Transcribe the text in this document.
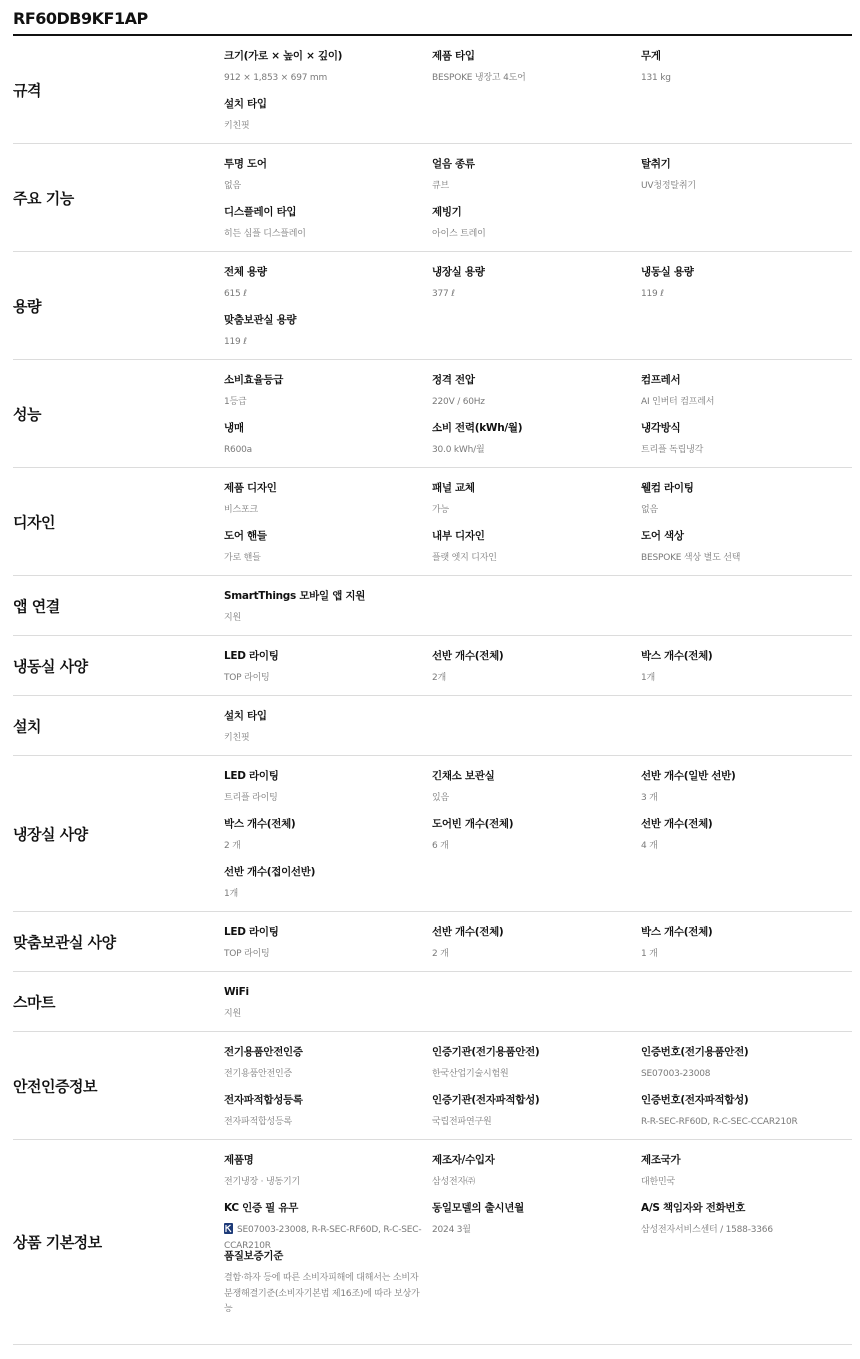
RF60DB9KF1AP
규격
크기(가로 × 높이 × 깊이)
912 × 1,853 × 697 mm
제품 타입
BESPOKE 냉장고 4도어
무게
131 kg
설치 타입
키친핏
주요 기능
투명 도어
없음
얼음 종류
큐브
탈취기
UV청정탈취기
디스플레이 타입
히든 심플 디스플레이
제빙기
아이스 트레이
용량
전체 용량
615 ℓ
냉장실 용량
377 ℓ
냉동실 용량
119 ℓ
맞춤보관실 용량
119 ℓ
성능
소비효율등급
1등급
정격 전압
220V / 60Hz
컴프레서
AI 인버터 컴프레서
냉매
R600a
소비 전력(kWh/월)
30.0 kWh/월
냉각방식
트리플 독립냉각
디자인
제품 디자인
비스포크
패널 교체
가능
웰컴 라이팅
없음
도어 핸들
가로 핸들
내부 디자인
플랫 엣지 디자인
도어 색상
BESPOKE 색상 별도 선택
앱 연결
SmartThings 모바일 앱 지원
지원
냉동실 사양
LED 라이팅
TOP 라이팅
선반 개수(전체)
2개
박스 개수(전체)
1개
설치
설치 타입
키친핏
냉장실 사양
LED 라이팅
트리플 라이팅
긴채소 보관실
있음
선반 개수(일반 선반)
3 개
박스 개수(전체)
2 개
도어빈 개수(전체)
6 개
선반 개수(전체)
4 개
선반 개수(접이선반)
1개
맞춤보관실 사양
LED 라이팅
TOP 라이팅
선반 개수(전체)
2 개
박스 개수(전체)
1 개
스마트
WiFi
지원
안전인증정보
전기용품안전인증
전기용품안전인증
인증기관(전기용품안전)
한국산업기술시험원
인증번호(전기용품안전)
SE07003-23008
전자파적합성등록
전자파적합성등록
인증기관(전자파적합성)
국립전파연구원
인증번호(전자파적합성)
R-R-SEC-RF60D, R-C-SEC-CCAR210R
상품 기본정보
제품명
전기냉장 · 냉동기기
제조자/수입자
삼성전자㈜
제조국가
대한민국
KC 인증 필 유무
SE07003-23008, R-R-SEC-RF60D, R-C-SEC-CCAR210R
동일모델의 출시년월
2024 3월
A/S 책임자와 전화번호
삼성전자서비스센터 / 1588-3366
품질보증기준
결함·하자 등에 따른 소비자피해에 대해서는 소비자분쟁해결기준(소비자기본법 제16조)에 따라 보상가능
